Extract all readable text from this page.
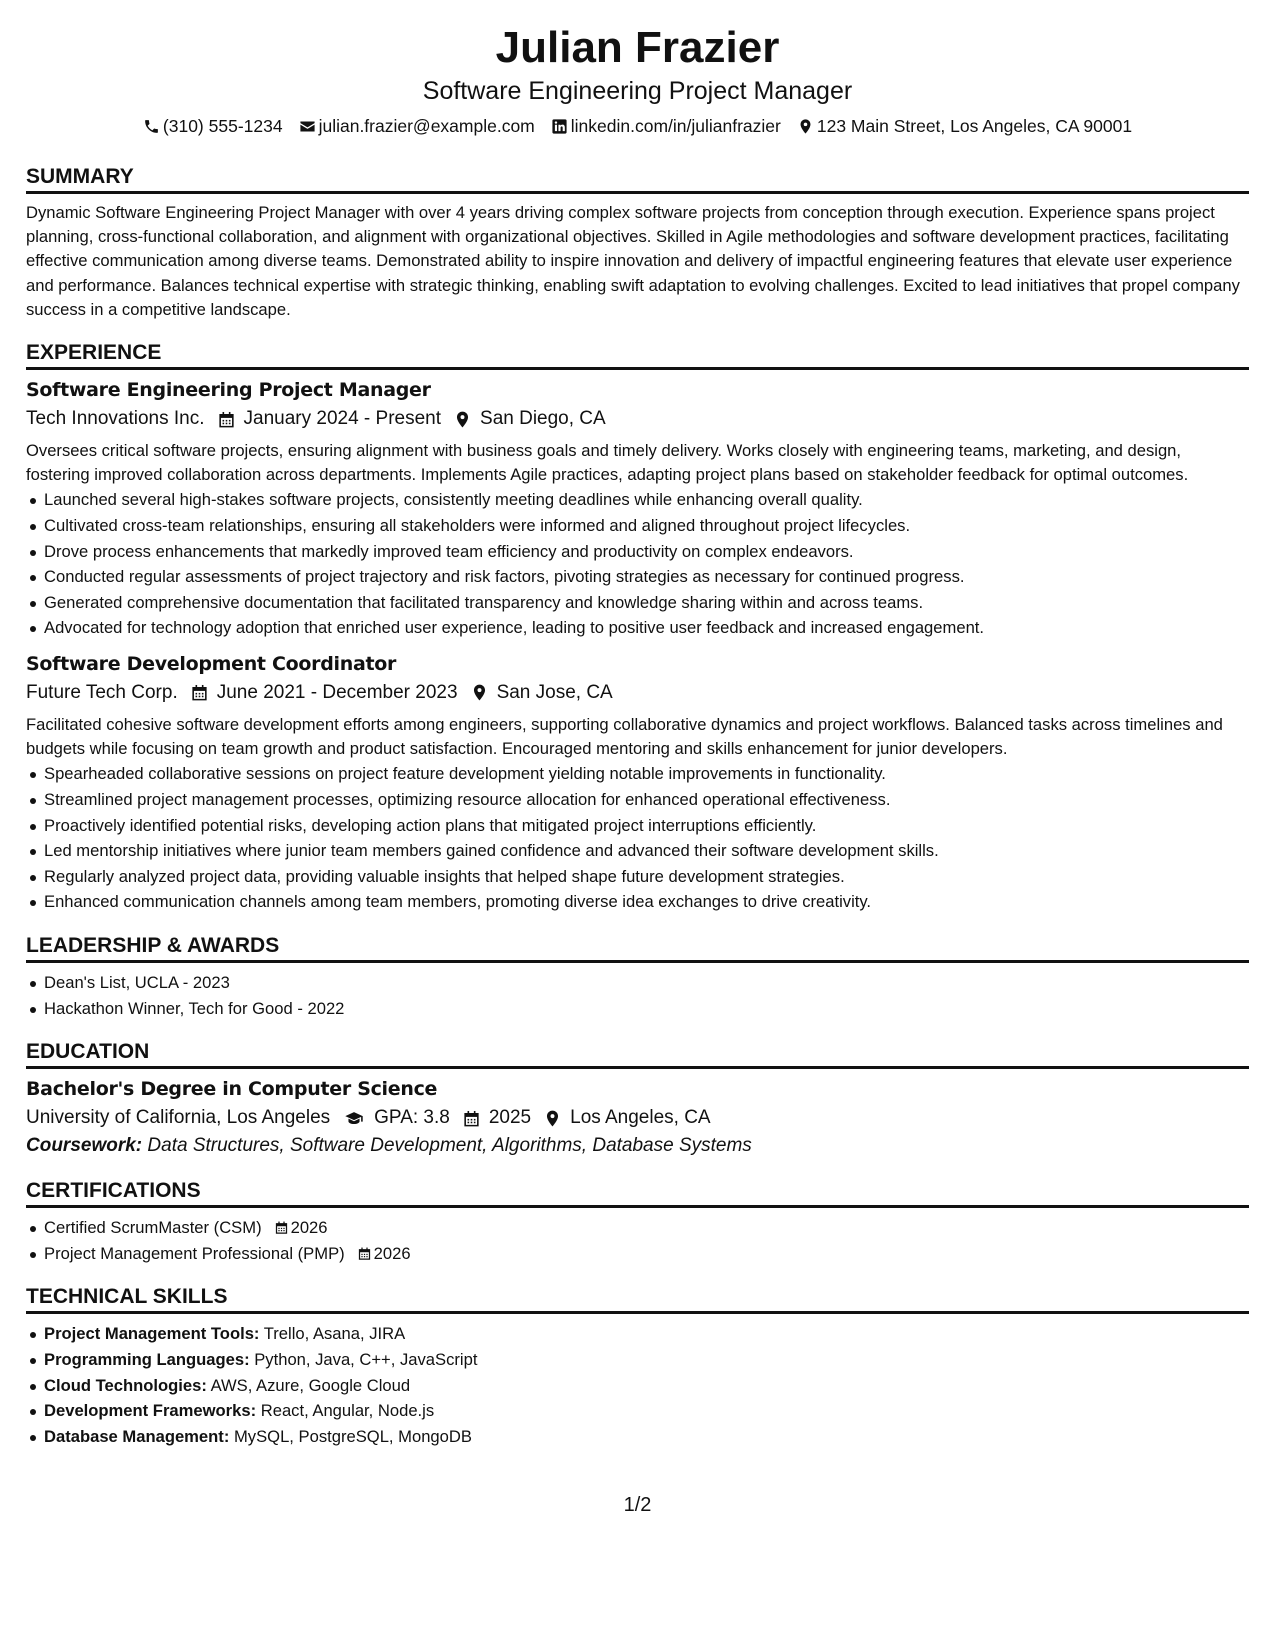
Julian Frazier
Software Engineering Project Manager
(310) 555-1234 julian.frazier@example.com linkedin.com/in/julianfrazier 123 Main Street, Los Angeles, CA 90001
SUMMARY

Dynamic Software Engineering Project Manager with over 4 years driving complex software projects from conception through execution. Experience spans project planning, cross-functional collaboration, and alignment with organizational objectives. Skilled in Agile methodologies and software development practices, facilitating effective communication among diverse teams. Demonstrated ability to inspire innovation and delivery of impactful engineering features that elevate user experience and performance. Balances technical expertise with strategic thinking, enabling swift adaptation to evolving challenges. Excited to lead initiatives that propel company success in a competitive landscape.

EXPERIENCE
Software Engineering Project Manager
Tech Innovations Inc. January 2024 - Present San Diego, CA

Oversees critical software projects, ensuring alignment with business goals and timely delivery. Works closely with engineering teams, marketing, and design, fostering improved collaboration across departments. Implements Agile practices, adapting project plans based on stakeholder feedback for optimal outcomes.

Launched several high-stakes software projects, consistently meeting deadlines while enhancing overall quality.
Cultivated cross-team relationships, ensuring all stakeholders were informed and aligned throughout project lifecycles.
Drove process enhancements that markedly improved team efficiency and productivity on complex endeavors.
Conducted regular assessments of project trajectory and risk factors, pivoting strategies as necessary for continued progress.
Generated comprehensive documentation that facilitated transparency and knowledge sharing within and across teams.
Advocated for technology adoption that enriched user experience, leading to positive user feedback and increased engagement.
Software Development Coordinator
Future Tech Corp. June 2021 - December 2023 San Jose, CA

Facilitated cohesive software development efforts among engineers, supporting collaborative dynamics and project workflows. Balanced tasks across timelines and budgets while focusing on team growth and product satisfaction. Encouraged mentoring and skills enhancement for junior developers.

Spearheaded collaborative sessions on project feature development yielding notable improvements in functionality.
Streamlined project management processes, optimizing resource allocation for enhanced operational effectiveness.
Proactively identified potential risks, developing action plans that mitigated project interruptions efficiently.
Led mentorship initiatives where junior team members gained confidence and advanced their software development skills.
Regularly analyzed project data, providing valuable insights that helped shape future development strategies.
Enhanced communication channels among team members, promoting diverse idea exchanges to drive creativity.
LEADERSHIP & AWARDS
Dean's List, UCLA - 2023
Hackathon Winner, Tech for Good - 2022
EDUCATION
Bachelor's Degree in Computer Science
University of California, Los Angeles GPA: 3.8 2025 Los Angeles, CA
Coursework: Data Structures, Software Development, Algorithms, Database Systems
CERTIFICATIONS
Certified ScrumMaster (CSM) 2026
Project Management Professional (PMP) 2026
TECHNICAL SKILLS
Project Management Tools: Trello, Asana, JIRA
Programming Languages: Python, Java, C++, JavaScript
Cloud Technologies: AWS, Azure, Google Cloud
Development Frameworks: React, Angular, Node.js
Database Management: MySQL, PostgreSQL, MongoDB
1/2
